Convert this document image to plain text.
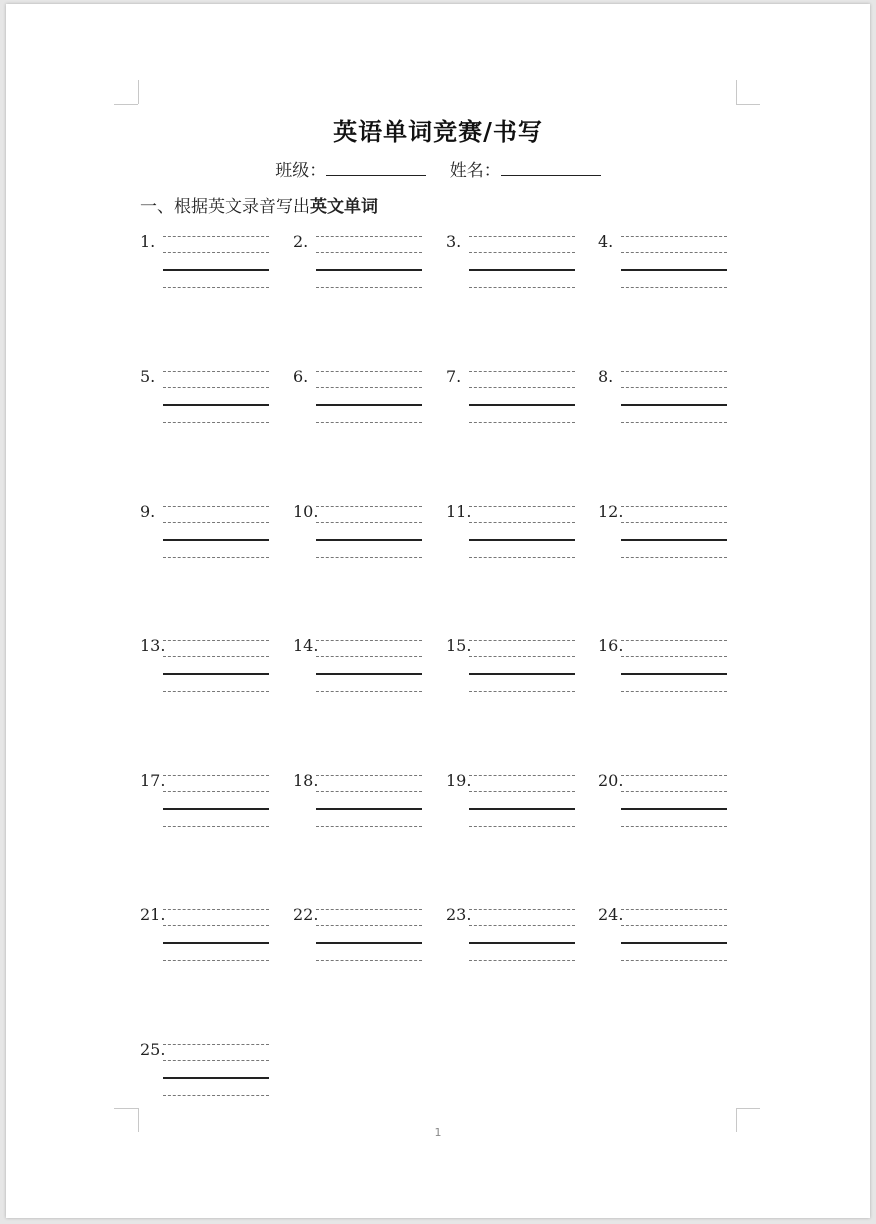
英语单词竞赛/书写
班级：	姓名：
一、根据英文录音写出英文单词
1.	2.	3.	4.
5.	6.	7.	8.
9.	10.	11.	12.
13.	14.	15.	16.
17.	18.	19.	20.
21.	22.	23.	24.
25.
1
